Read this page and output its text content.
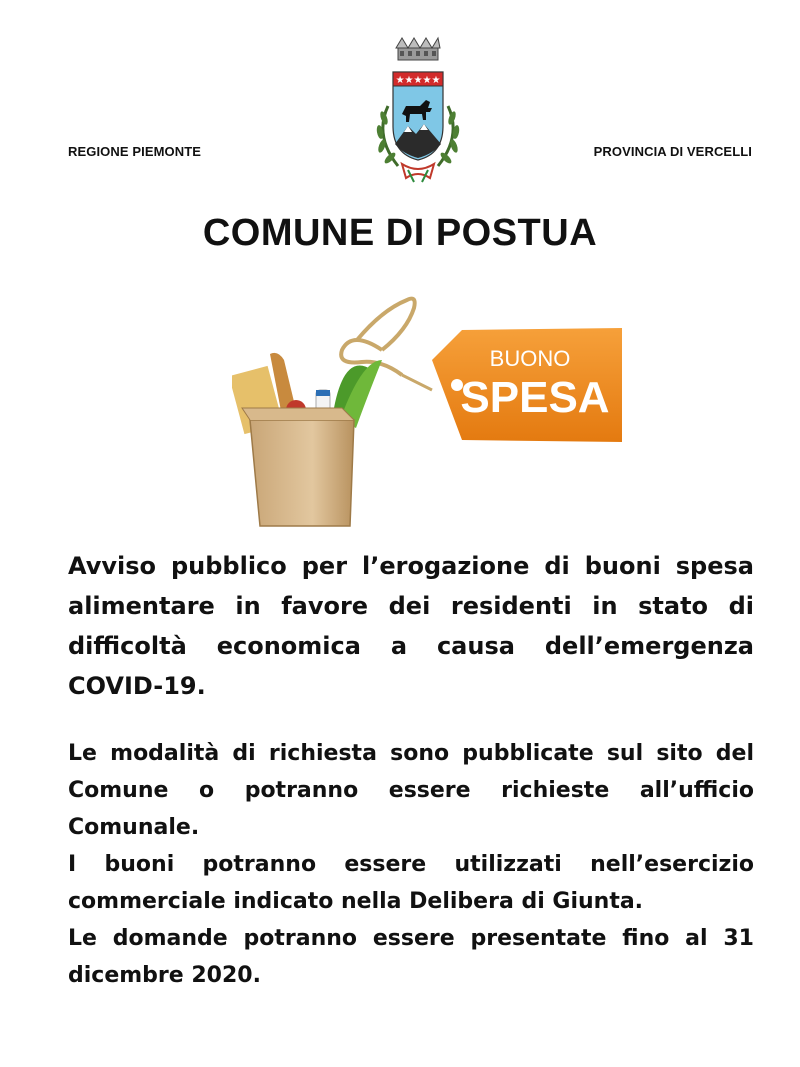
REGIONE PIEMONTE
★★★★★
PROVINCIA DI VERCELLI
COMUNE DI POSTUA
BUONO
SPESA

Avviso pubblico per l’erogazione di buoni spesa alimentare in favore dei residenti in stato di difficoltà economica a causa dell’emergenza COVID-19.

Le modalità di richiesta sono pubblicate sul sito del Comune o potranno essere richieste all’ufficio Comunale.

I buoni potranno essere utilizzati nell’esercizio commerciale indicato nella Delibera di Giunta.

Le domande potranno essere presentate fino al 31 dicembre 2020.
